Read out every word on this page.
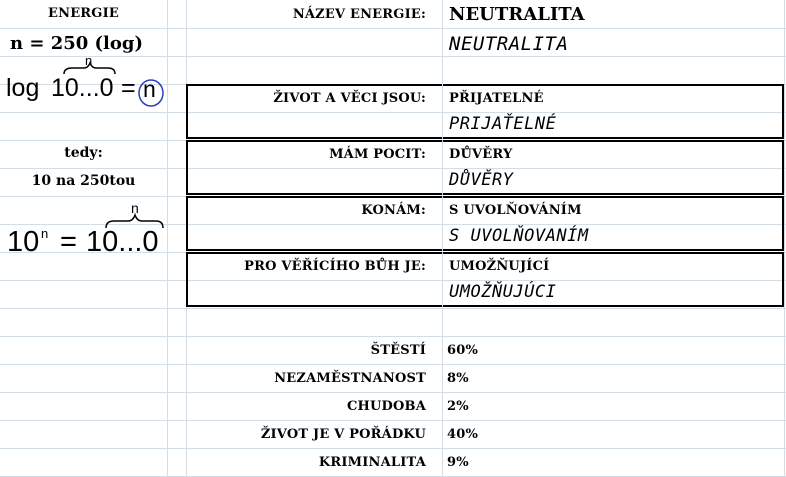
ENERGIE
n = 250 (log)
log 10...0 =
n
n
tedy:
10 na 250tou
10 n = 10...0
n
NÁZEV ENERGIE: NEUTRALITA
NEUTRALITA
ŽIVOT A VĚCI JSOU: PŘIJATELNÉ
PRIJAŤELNÉ
MÁM POCIT: DŮVĚRY
DŮVĚRY
KONÁM: S UVOLŇOVÁNÍM
S UVOLŇOVANÍM
PRO VĚŘÍCÍHO BŮH JE: UMOŽŇUJÍCÍ
UMOŽŇUJÚCI
ŠTĚSTÍ 60%
NEZAMĚSTNANOST 8%
CHUDOBA 2%
ŽIVOT JE V POŘÁDKU 40%
KRIMINALITA 9%
